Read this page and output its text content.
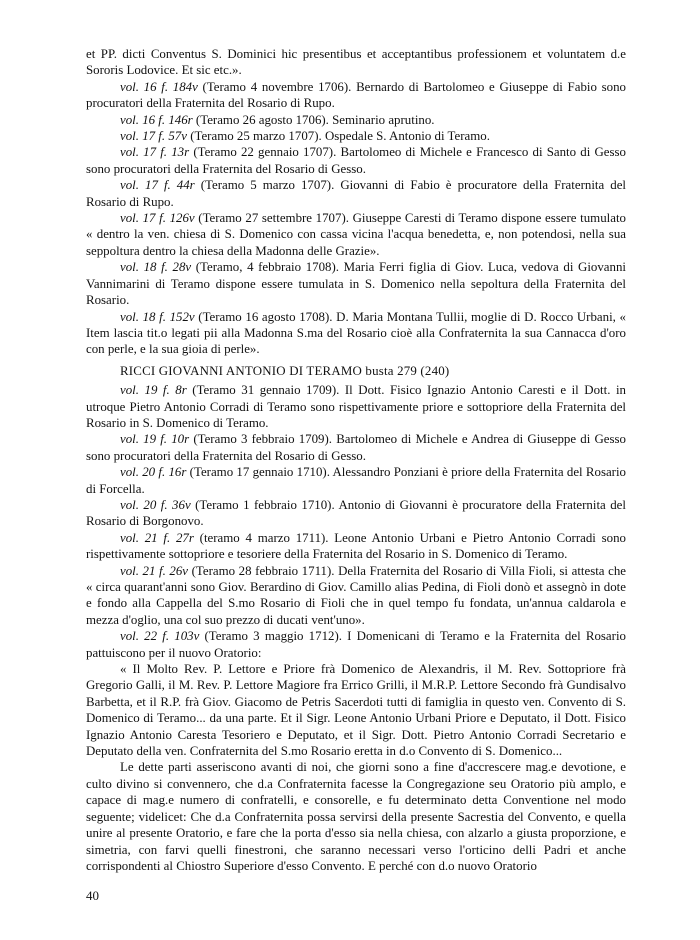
et PP. dicti Conventus S. Dominici hic presentibus et acceptantibus professionem et voluntatem d.e Sororis Lodovice. Et sic etc.».

vol. 16 f. 184v (Teramo 4 novembre 1706). Bernardo di Bartolomeo e Giuseppe di Fabio sono procuratori della Fraternita del Rosario di Rupo.

vol. 16 f. 146r (Teramo 26 agosto 1706). Seminario aprutino.

vol. 17 f. 57v (Teramo 25 marzo 1707). Ospedale S. Antonio di Teramo.

vol. 17 f. 13r (Teramo 22 gennaio 1707). Bartolomeo di Michele e Francesco di Santo di Gesso sono procuratori della Fraternita del Rosario di Gesso.

vol. 17 f. 44r (Teramo 5 marzo 1707). Giovanni di Fabio è procuratore della Fraternita del Rosario di Rupo.

vol. 17 f. 126v (Teramo 27 settembre 1707). Giuseppe Caresti di Teramo dispone essere tumulato « dentro la ven. chiesa di S. Domenico con cassa vicina l'acqua benedetta, e, non potendosi, nella sua seppoltura dentro la chiesa della Madonna delle Grazie».

vol. 18 f. 28v (Teramo, 4 febbraio 1708). Maria Ferri figlia di Giov. Luca, vedova di Giovanni Vannimarini di Teramo dispone essere tumulata in S. Domenico nella sepoltura della Fraternita del Rosario.

vol. 18 f. 152v (Teramo 16 agosto 1708). D. Maria Montana Tullii, moglie di D. Rocco Urbani, « Item lascia tit.o legati pii alla Madonna S.ma del Rosario cioè alla Confraternita la sua Cannacca d'oro con perle, e la sua gioia di perle».

RICCI GIOVANNI ANTONIO DI TERAMO busta 279 (240)

vol. 19 f. 8r (Teramo 31 gennaio 1709). Il Dott. Fisico Ignazio Antonio Caresti e il Dott. in utroque Pietro Antonio Corradi di Teramo sono rispettivamente priore e sottopriore della Fraternita del Rosario in S. Domenico di Teramo.

vol. 19 f. 10r (Teramo 3 febbraio 1709). Bartolomeo di Michele e Andrea di Giuseppe di Gesso sono procuratori della Fraternita del Rosario di Gesso.

vol. 20 f. 16r (Teramo 17 gennaio 1710). Alessandro Ponziani è priore della Fraternita del Rosario di Forcella.

vol. 20 f. 36v (Teramo 1 febbraio 1710). Antonio di Giovanni è procuratore della Fraternita del Rosario di Borgonovo.

vol. 21 f. 27r (teramo 4 marzo 1711). Leone Antonio Urbani e Pietro Antonio Corradi sono rispettivamente sottopriore e tesoriere della Fraternita del Rosario in S. Domenico di Teramo.

vol. 21 f. 26v (Teramo 28 febbraio 1711). Della Fraternita del Rosario di Villa Fioli, si attesta che « circa quarant'anni sono Giov. Berardino di Giov. Camillo alias Pedina, di Fioli donò et assegnò in dote e fondo alla Cappella del S.mo Rosario di Fioli che in quel tempo fu fondata, un'annua caldarola e mezza d'oglio, una col suo prezzo di ducati vent'uno».

vol. 22 f. 103v (Teramo 3 maggio 1712). I Domenicani di Teramo e la Fraternita del Rosario pattuiscono per il nuovo Oratorio:

« Il Molto Rev. P. Lettore e Priore frà Domenico de Alexandris, il M. Rev. Sottopriore frà Gregorio Galli, il M. Rev. P. Lettore Magiore fra Errico Grilli, il M.R.P. Lettore Secondo frà Gundisalvo Barbetta, et il R.P. frà Giov. Giacomo de Petris Sacerdoti tutti di famiglia in questo ven. Convento di S. Domenico di Teramo... da una parte. Et il Sigr. Leone Antonio Urbani Priore e Deputato, il Dott. Fisico Ignazio Antonio Caresta Tesoriero e Deputato, et il Sigr. Dott. Pietro Antonio Corradi Secretario e Deputato della ven. Confraternita del S.mo Rosario eretta in d.o Convento di S. Domenico...

Le dette parti asseriscono avanti di noi, che giorni sono a fine d'accrescere mag.e devotione, e culto divino si convennero, che d.a Confraternita facesse la Congregazione seu Oratorio più amplo, e capace di mag.e numero di confratelli, e consorelle, e fu determinato detta Conventione nel modo seguente; videlicet: Che d.a Confraternita possa servirsi della presente Sacrestia del Convento, e quella unire al presente Oratorio, e fare che la porta d'esso sia nella chiesa, con alzarlo a giusta proporzione, e simetria, con farvi quelli finestroni, che saranno necessari verso l'orticino delli Padri et anche corrispondenti al Chiostro Superiore d'esso Convento. E perché con d.o nuovo Oratorio

40
